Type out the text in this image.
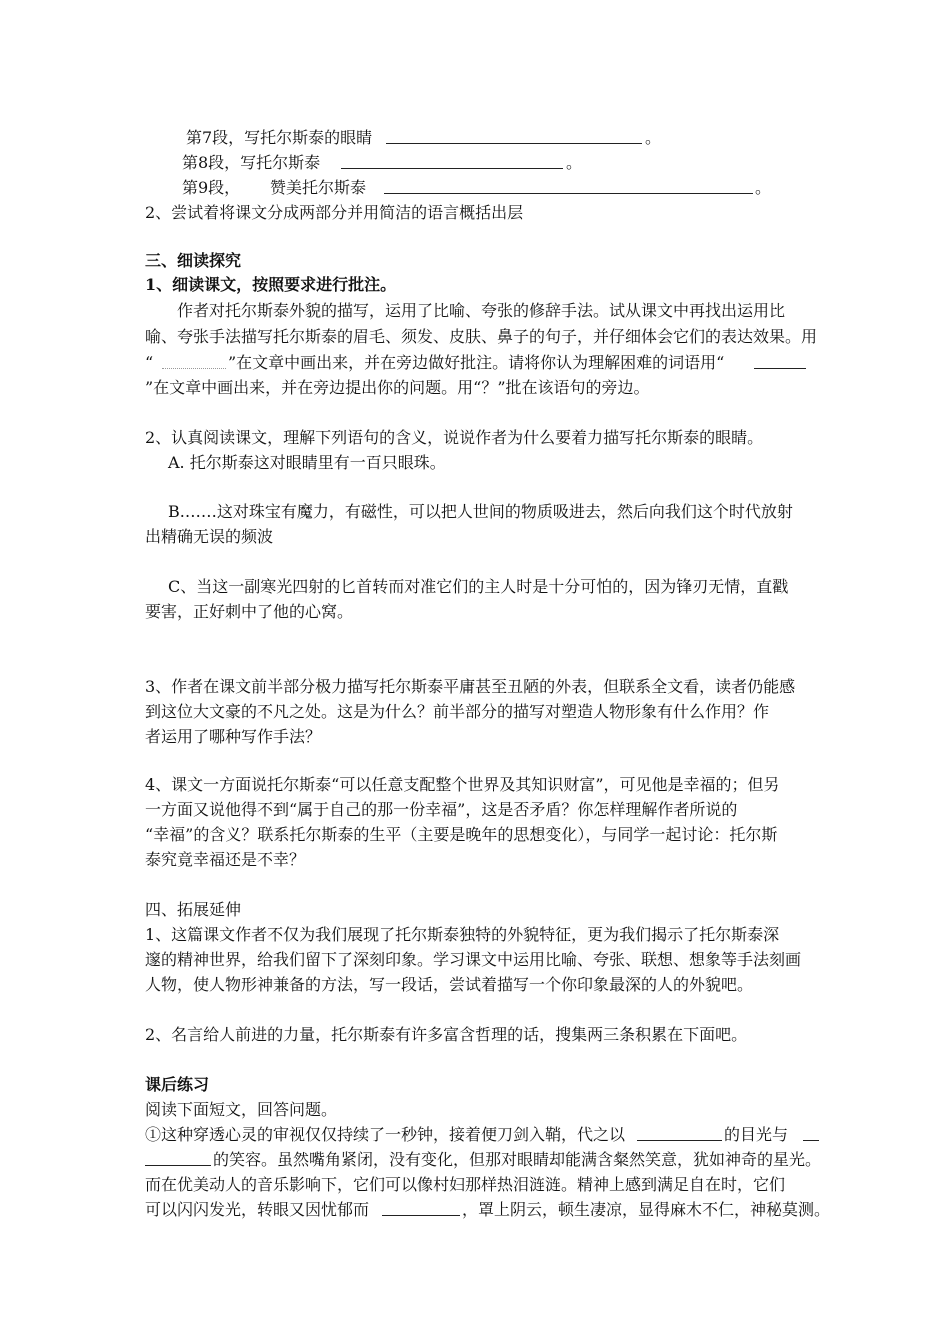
第7段，写托尔斯泰的眼睛	。
第8段，写托尔斯泰	。
第9段， 赞美托尔斯泰	。
2、尝试着将课文分成两部分并用简洁的语言概括出层
三、细读探究
1、细读课文，按照要求进行批注。
作者对托尔斯泰外貌的描写，运用了比喻、夸张的修辞手法。试从课文中再找出运用比
喻、夸张手法描写托尔斯泰的眉毛、须发、皮肤、鼻子的句子，并仔细体会它们的表达效果。用
“	”在文章中画出来，并在旁边做好批注。请将你认为理解困难的词语用“
”在文章中画出来，并在旁边提出你的问题。用“？”批在该语句的旁边。
2、认真阅读课文，理解下列语句的含义，说说作者为什么要着力描写托尔斯泰的眼睛。
A. 托尔斯泰这对眼睛里有一百只眼珠。
B.……这对珠宝有魔力，有磁性，可以把人世间的物质吸进去，然后向我们这个时代放射
出精确无误的频波
C、当这一副寒光四射的匕首转而对准它们的主人时是十分可怕的，因为锋刃无情，直戳
要害，正好刺中了他的心窝。
3、作者在课文前半部分极力描写托尔斯泰平庸甚至丑陋的外表，但联系全文看，读者仍能感
到这位大文豪的不凡之处。这是为什么？前半部分的描写对塑造人物形象有什么作用？作
者运用了哪种写作手法？
4、课文一方面说托尔斯泰“可以任意支配整个世界及其知识财富”，可见他是幸福的；但另
一方面又说他得不到“属于自己的那一份幸福”，这是否矛盾？你怎样理解作者所说的
“幸福”的含义？联系托尔斯泰的生平（主要是晚年的思想变化），与同学一起讨论：托尔斯
泰究竟幸福还是不幸？
四、拓展延伸
1、这篇课文作者不仅为我们展现了托尔斯泰独特的外貌特征，更为我们揭示了托尔斯泰深
邃的精神世界，给我们留下了深刻印象。学习课文中运用比喻、夸张、联想、想象等手法刻画
人物，使人物形神兼备的方法，写一段话，尝试着描写一个你印象最深的人的外貌吧。
2、名言给人前进的力量，托尔斯泰有许多富含哲理的话，搜集两三条积累在下面吧。
课后练习
阅读下面短文，回答问题。
①这种穿透心灵的审视仅仅持续了一秒钟，接着便刀剑入鞘，代之以	的目光与
的笑容。虽然嘴角紧闭，没有变化，但那对眼睛却能满含粲然笑意，犹如神奇的星光。
而在优美动人的音乐影响下，它们可以像村妇那样热泪涟涟。精神上感到满足自在时，它们
可以闪闪发光，转眼又因忧郁而	，罩上阴云，顿生凄凉，显得麻木不仁，神秘莫测。
